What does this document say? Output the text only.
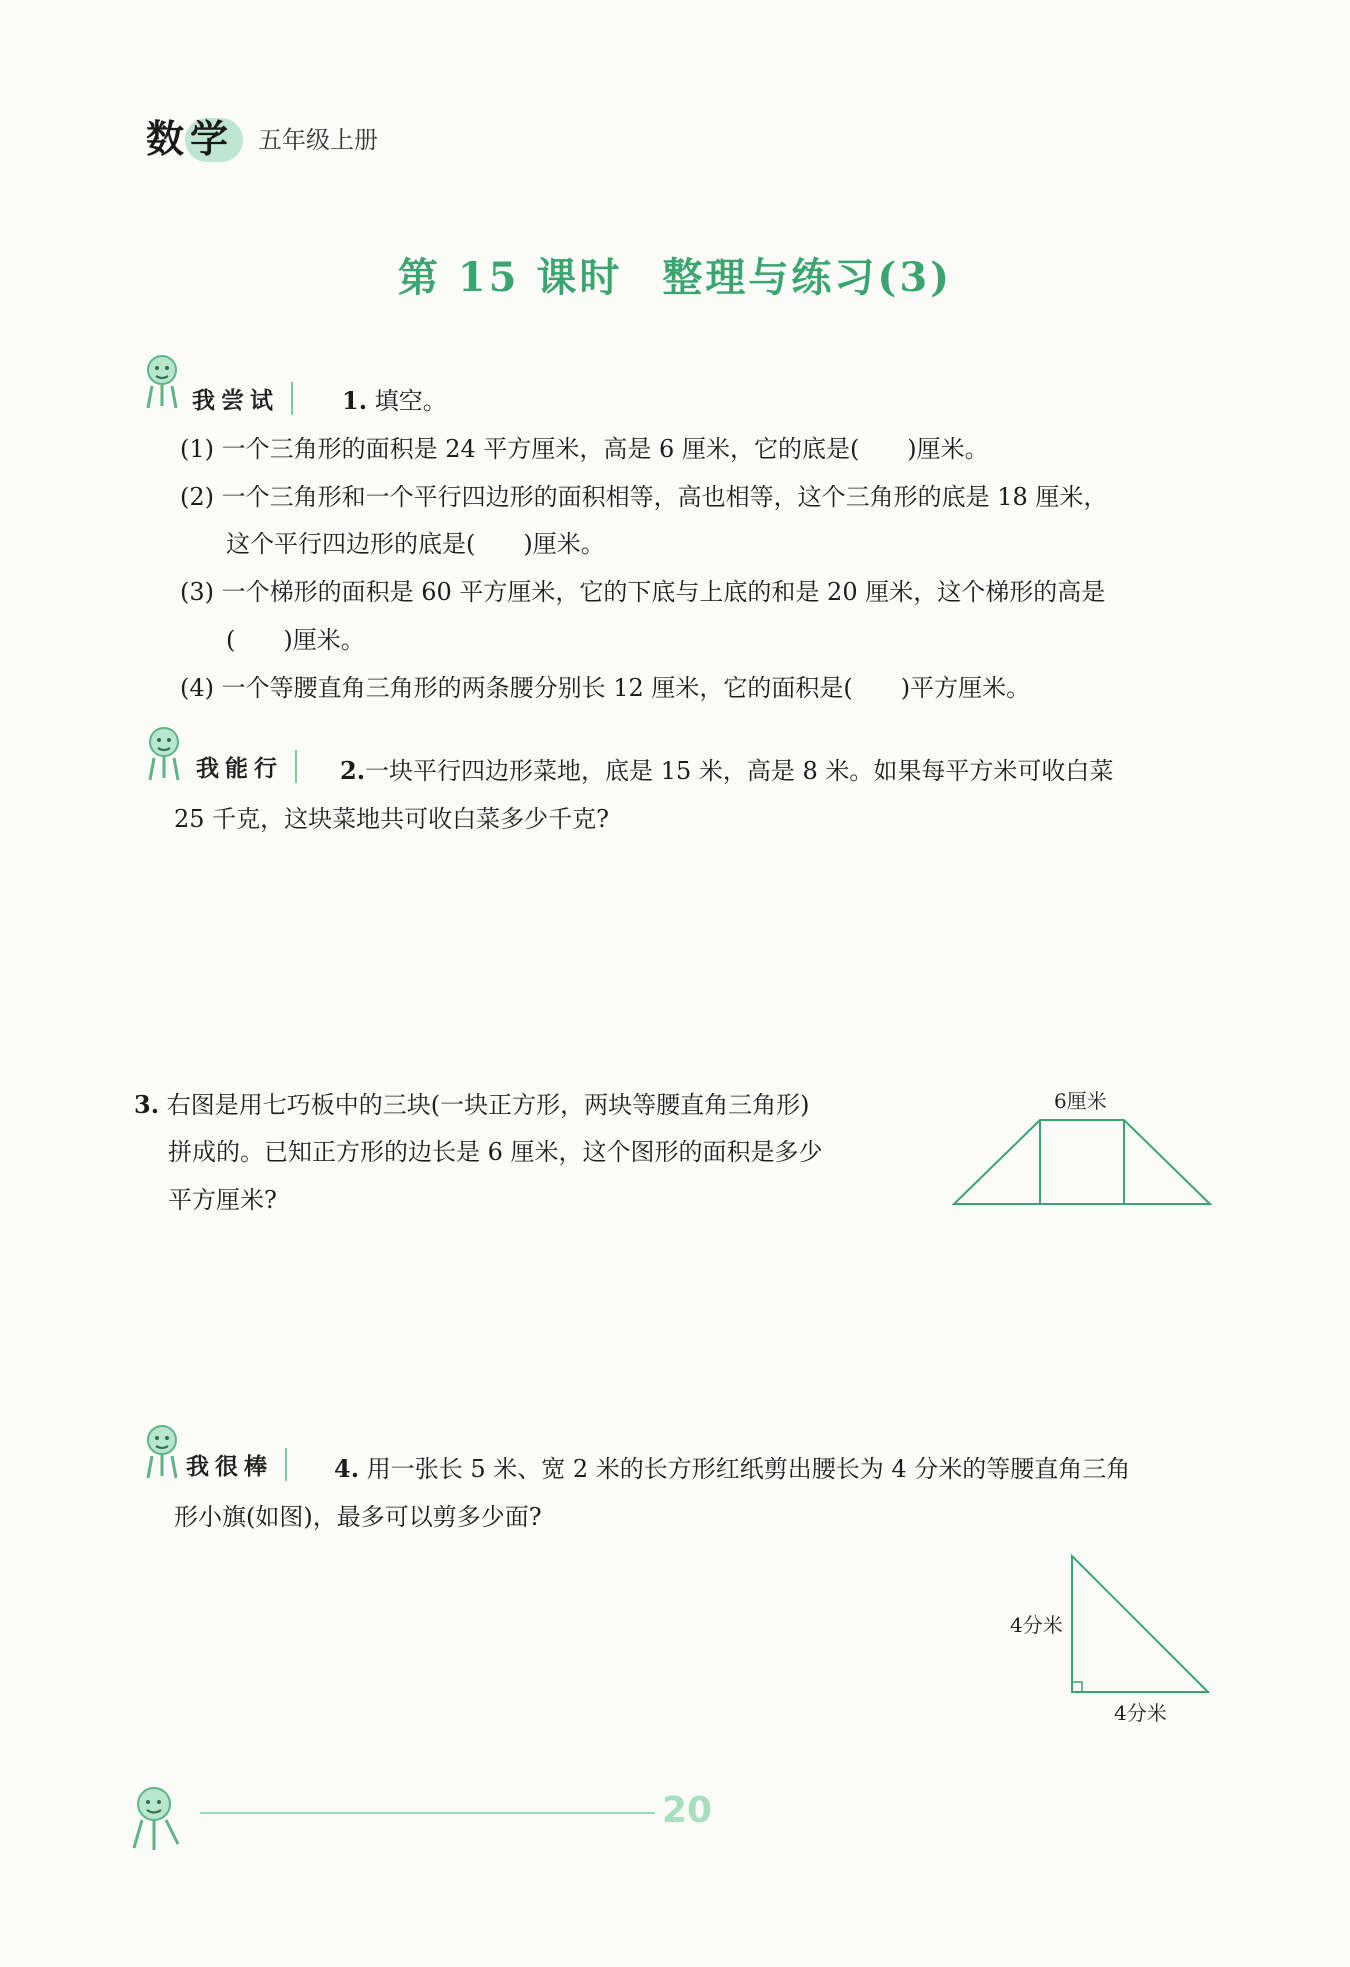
数学 五年级上册
第 15 课时 整理与练习(3)
我尝试	1. 填空。
(1) 一个三角形的面积是 24 平方厘米，高是 6 厘米，它的底是(　　)厘米。
(2) 一个三角形和一个平行四边形的面积相等，高也相等，这个三角形的底是 18 厘米，
这个平行四边形的底是(　　)厘米。
(3) 一个梯形的面积是 60 平方厘米，它的下底与上底的和是 20 厘米，这个梯形的高是
(　　)厘米。
(4) 一个等腰直角三角形的两条腰分别长 12 厘米，它的面积是(　　)平方厘米。
我能行	2.一块平行四边形菜地，底是 15 米，高是 8 米。如果每平方米可收白菜
25 千克，这块菜地共可收白菜多少千克?
3. 右图是用七巧板中的三块(一块正方形，两块等腰直角三角形)
拼成的。已知正方形的边长是 6 厘米，这个图形的面积是多少
平方厘米?
6厘米
我很棒	4. 用一张长 5 米、宽 2 米的长方形红纸剪出腰长为 4 分米的等腰直角三角
形小旗(如图)，最多可以剪多少面?
4分米
4分米
20
